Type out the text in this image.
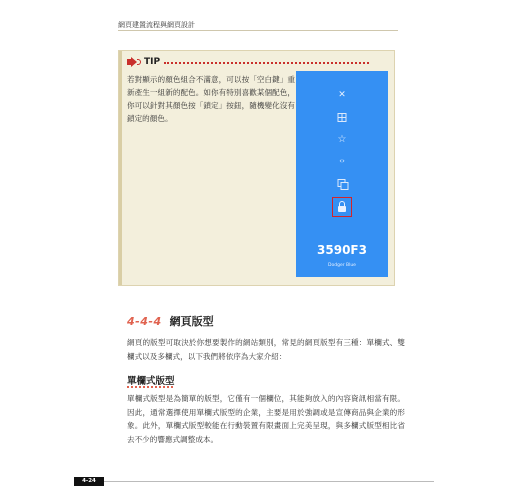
網頁建置流程與網頁設計
TIP
若對顯示的顏色組合不滿意，可以按「空白鍵」重新產生一組新的配色。如你有特別喜歡某個配色，你可以針對其顏色按「鎖定」按鈕，隨機變化沒有鎖定的顏色。
✕
☆
‹›
3590F3
Dodger Blue
4-4-4 網頁版型
網頁的版型可取決於你想要製作的網站類別，常見的網頁版型有三種：單欄式、雙欄式以及多欄式，以下我們將依序為大家介紹：
單欄式版型
單欄式版型是為簡單的版型，它僅有一個欄位，其能夠放入的內容資訊相當有限。因此，通常選擇使用單欄式版型的企業，主要是用於強調或是宣傳商品與企業的形象。此外，單欄式版型較能在行動裝置有限畫面上完美呈現，與多欄式版型相比省去不少的響應式調整成本。
4-24
